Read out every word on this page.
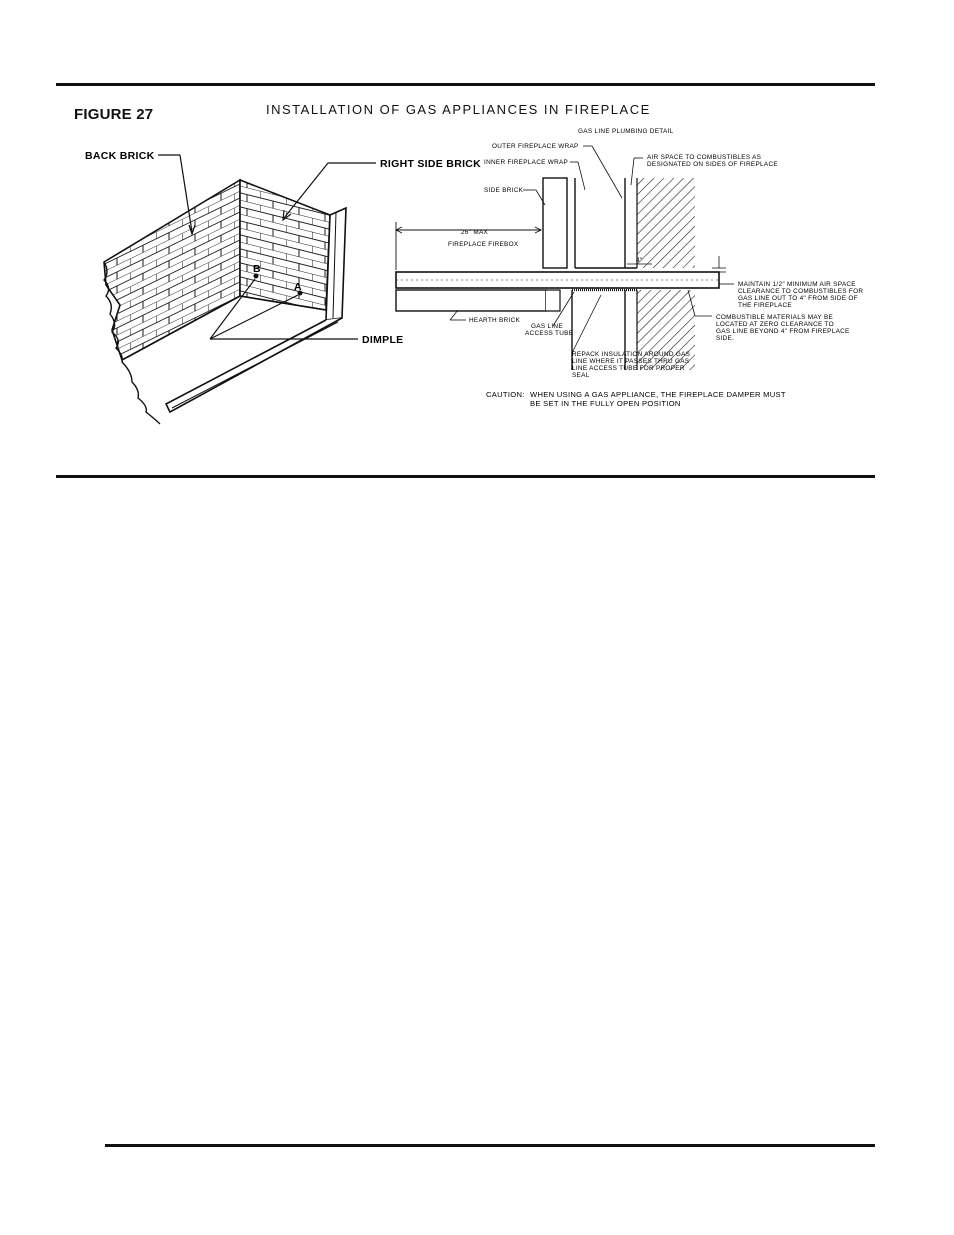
FIGURE 27	INSTALLATION OF GAS APPLIANCES IN FIREPLACE
BACK BRICK
RIGHT SIDE BRICK
DIMPLE
B
A
GAS LINE PLUMBING DETAIL
OUTER FIREPLACE WRAP
INNER FIREPLACE WRAP
SIDE BRICK
26" MAX
FIREPLACE FIREBOX
AIR SPACE TO COMBUSTIBLES AS
DESIGNATED ON SIDES OF FIREPLACE
4"
MAINTAIN 1/2" MINIMUM AIR SPACE
CLEARANCE TO COMBUSTIBLES FOR
GAS LINE OUT TO 4" FROM SIDE OF
THE FIREPLACE
COMBUSTIBLE MATERIALS MAY BE
LOCATED AT ZERO CLEARANCE TO
GAS LINE BEYOND 4" FROM FIREPLACE
SIDE.
HEARTH BRICK
GAS LINE
ACCESS TUBE
REPACK INSULATION AROUND GAS
LINE WHERE IT PASSES THRU GAS
LINE ACCESS TUBE FOR PROPER
SEAL
CAUTION: WHEN USING A GAS APPLIANCE, THE FIREPLACE DAMPER MUST
BE SET IN THE FULLY OPEN POSITION
